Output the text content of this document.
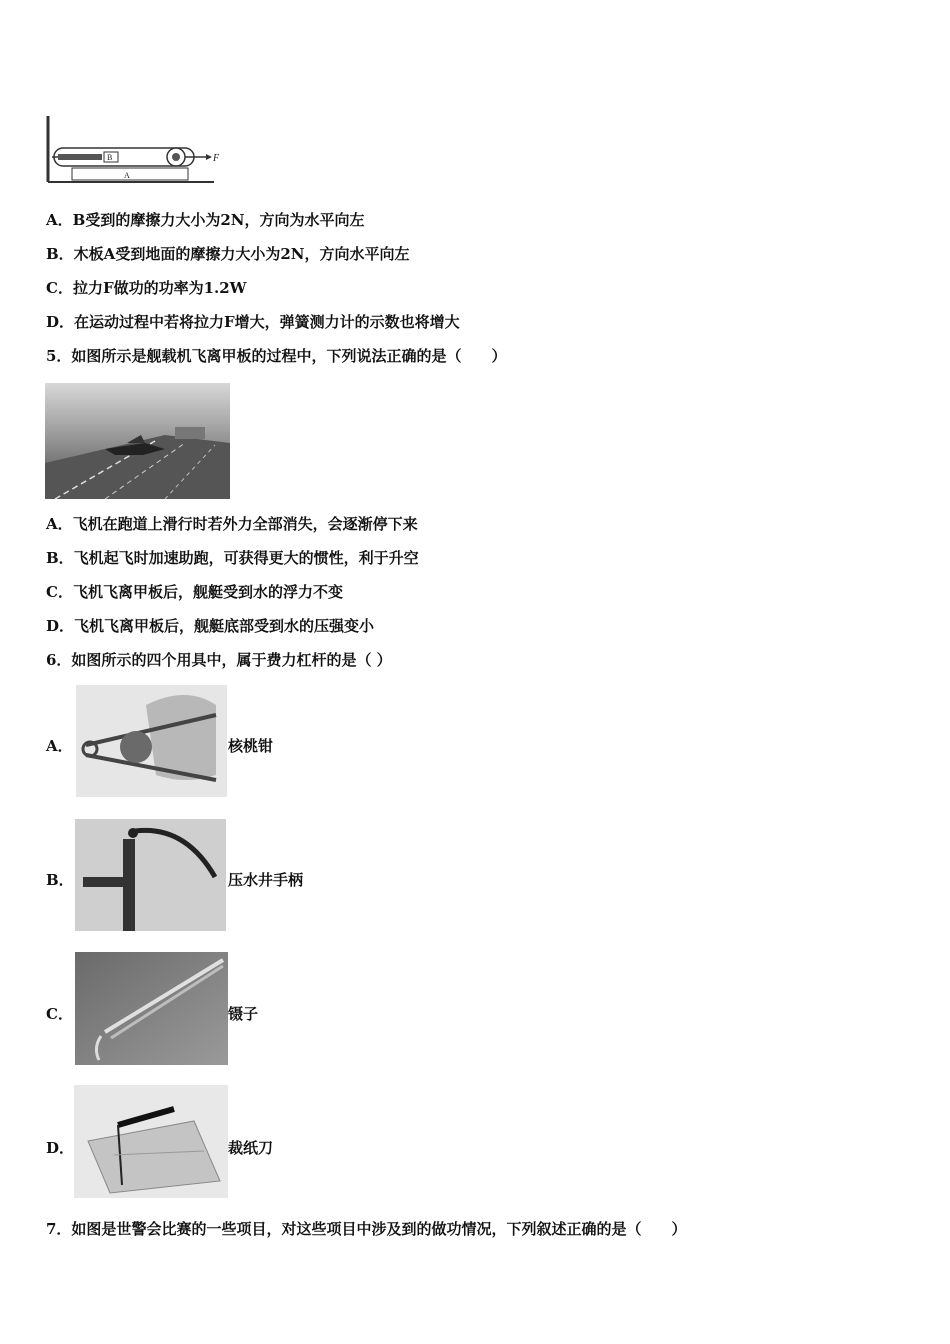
B
A
F
A．B受到的摩擦力大小为2N，方向为水平向左
B．木板A受到地面的摩擦力大小为2N，方向水平向左
C．拉力F做功的功率为1.2W
D．在运动过程中若将拉力F增大，弹簧测力计的示数也将增大
5．如图所示是舰载机飞离甲板的过程中，下列说法正确的是（　　）
A．飞机在跑道上滑行时若外力全部消失，会逐渐停下来
B．飞机起飞时加速助跑，可获得更大的惯性，利于升空
C．飞机飞离甲板后，舰艇受到水的浮力不变
D．飞机飞离甲板后，舰艇底部受到水的压强变小
6．如图所示的四个用具中，属于费力杠杆的是（ ）
A．	核桃钳
B．	压水井手柄
C．	镊子
D．	裁纸刀
7．如图是世警会比赛的一些项目，对这些项目中涉及到的做功情况，下列叙述正确的是（　　）
